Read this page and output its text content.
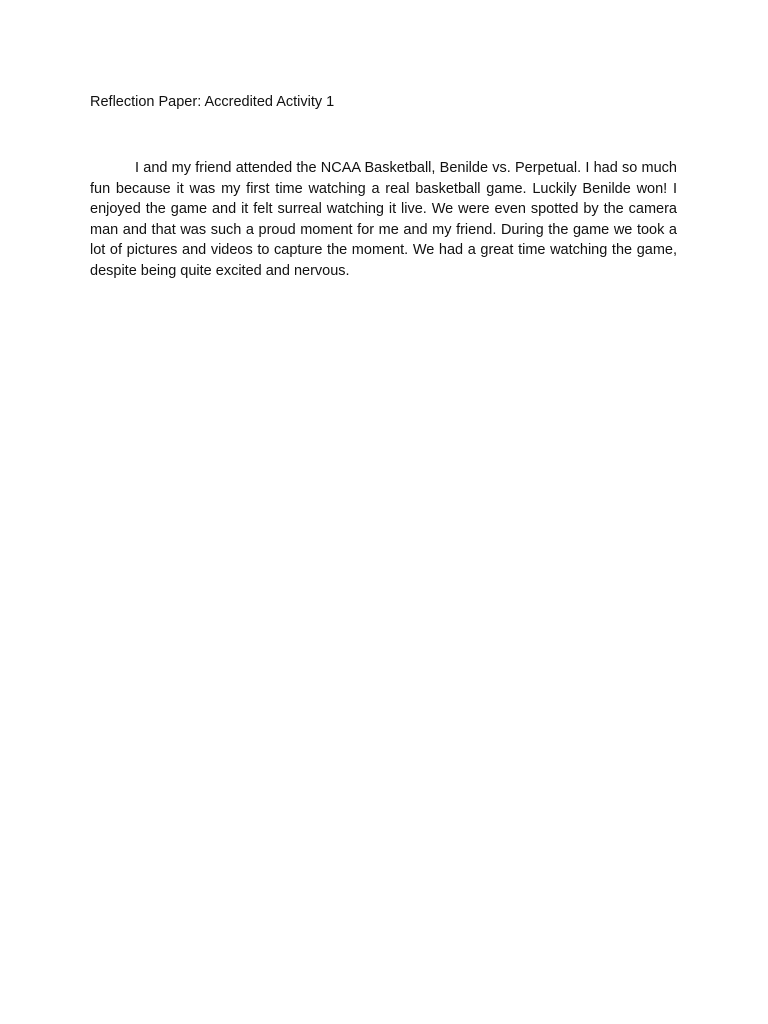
Reflection Paper: Accredited Activity 1

I and my friend attended the NCAA Basketball, Benilde vs. Perpetual. I had so much fun because it was my first time watching a real basketball game. Luckily Benilde won! I enjoyed the game and it felt surreal watching it live. We were even spotted by the camera man and that was such a proud moment for me and my friend. During the game we took a lot of pictures and videos to capture the moment. We had a great time watching the game, despite being quite excited and nervous.
